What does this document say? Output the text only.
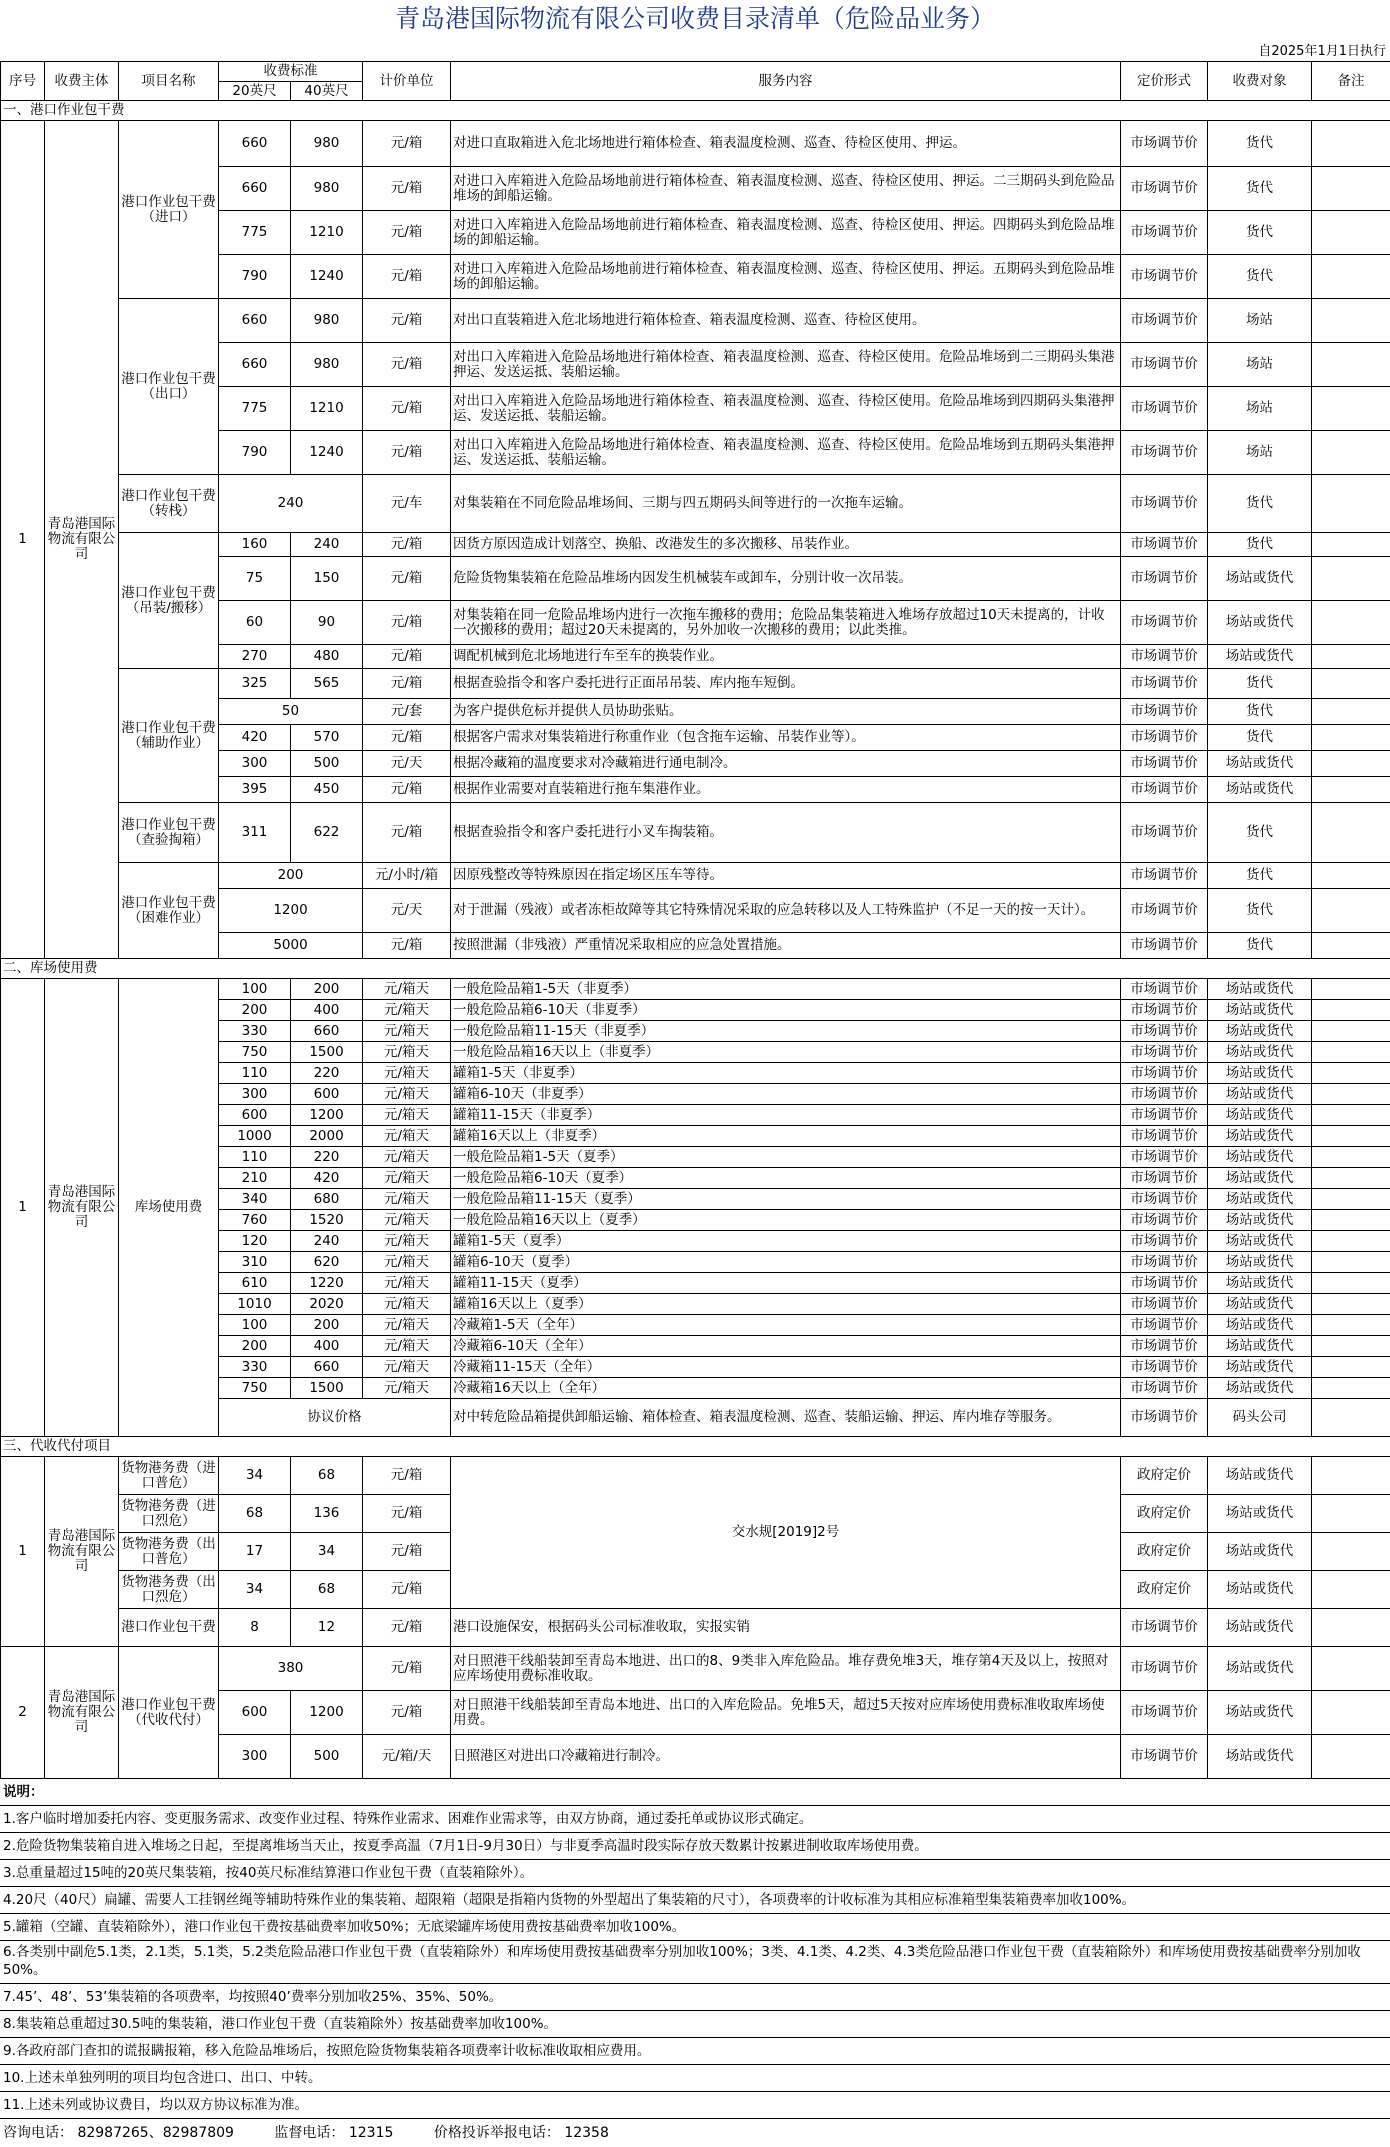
青岛港国际物流有限公司收费目录清单（危险品业务）
自2025年1月1日执行
序号	收费主体	项目名称	收费标准		计价单位	服务内容	定价形式	收费对象	备注
			20英尺	40英尺					
一、港口作业包干费									
1	青岛港国际物流有限公司	港口作业包干费（进口）	660	980	元/箱	对进口直取箱进入危北场地进行箱体检查、箱表温度检测、巡查、待检区使用、押运。	市场调节价	货代	
			660	980	元/箱	对进口入库箱进入危险品场地前进行箱体检查、箱表温度检测、巡查、待检区使用、押运。二三期码头到危险品堆场的卸船运输。	市场调节价	货代	
			775	1210	元/箱	对进口入库箱进入危险品场地前进行箱体检查、箱表温度检测、巡查、待检区使用、押运。四期码头到危险品堆场的卸船运输。	市场调节价	货代	
			790	1240	元/箱	对进口入库箱进入危险品场地前进行箱体检查、箱表温度检测、巡查、待检区使用、押运。五期码头到危险品堆场的卸船运输。	市场调节价	货代	
		港口作业包干费（出口）	660	980	元/箱	对出口直装箱进入危北场地进行箱体检查、箱表温度检测、巡查、待检区使用。	市场调节价	场站	
			660	980	元/箱	对出口入库箱进入危险品场地进行箱体检查、箱表温度检测、巡查、待检区使用。危险品堆场到二三期码头集港押运、发送运抵、装船运输。	市场调节价	场站	
			775	1210	元/箱	对出口入库箱进入危险品场地进行箱体检查、箱表温度检测、巡查、待检区使用。危险品堆场到四期码头集港押运、发送运抵、装船运输。	市场调节价	场站	
			790	1240	元/箱	对出口入库箱进入危险品场地进行箱体检查、箱表温度检测、巡查、待检区使用。危险品堆场到五期码头集港押运、发送运抵、装船运输。	市场调节价	场站	
		港口作业包干费（转栈）	240		元/车	对集装箱在不同危险品堆场间、三期与四五期码头间等进行的一次拖车运输。	市场调节价	货代	
		港口作业包干费（吊装/搬移）	160	240	元/箱	因货方原因造成计划落空、换船、改港发生的多次搬移、吊装作业。	市场调节价	货代	
			75	150	元/箱	危险货物集装箱在危险品堆场内因发生机械装车或卸车，分别计收一次吊装。	市场调节价	场站或货代	
			60	90	元/箱	对集装箱在同一危险品堆场内进行一次拖车搬移的费用；危险品集装箱进入堆场存放超过10天未提离的，计收一次搬移的费用；超过20天未提离的，另外加收一次搬移的费用；以此类推。	市场调节价	场站或货代	
			270	480	元/箱	调配机械到危北场地进行车至车的换装作业。	市场调节价	场站或货代	
		港口作业包干费（辅助作业）	325	565	元/箱	根据查验指令和客户委托进行正面吊吊装、库内拖车短倒。	市场调节价	货代	
			50		元/套	为客户提供危标并提供人员协助张贴。	市场调节价	货代	
			420	570	元/箱	根据客户需求对集装箱进行称重作业（包含拖车运输、吊装作业等）。	市场调节价	货代	
			300	500	元/天	根据冷藏箱的温度要求对冷藏箱进行通电制冷。	市场调节价	场站或货代	
			395	450	元/箱	根据作业需要对直装箱进行拖车集港作业。	市场调节价	场站或货代	
		港口作业包干费（查验掏箱）	311	622	元/箱	根据查验指令和客户委托进行小叉车掏装箱。	市场调节价	货代	
		港口作业包干费（困难作业）	200		元/小时/箱	因原残整改等特殊原因在指定场区压车等待。	市场调节价	货代	
			1200		元/天	对于泄漏（残液）或者冻柜故障等其它特殊情况采取的应急转移以及人工特殊监护（不足一天的按一天计）。	市场调节价	货代	
			5000		元/箱	按照泄漏（非残液）严重情况采取相应的应急处置措施。	市场调节价	货代	
二、库场使用费									
1	青岛港国际物流有限公司	库场使用费	100	200	元/箱天	一般危险品箱1-5天（非夏季）	市场调节价	场站或货代	
			200	400	元/箱天	一般危险品箱6-10天（非夏季）	市场调节价	场站或货代	
			330	660	元/箱天	一般危险品箱11-15天（非夏季）	市场调节价	场站或货代	
			750	1500	元/箱天	一般危险品箱16天以上（非夏季）	市场调节价	场站或货代	
			110	220	元/箱天	罐箱1-5天（非夏季）	市场调节价	场站或货代	
			300	600	元/箱天	罐箱6-10天（非夏季）	市场调节价	场站或货代	
			600	1200	元/箱天	罐箱11-15天（非夏季）	市场调节价	场站或货代	
			1000	2000	元/箱天	罐箱16天以上（非夏季）	市场调节价	场站或货代	
			110	220	元/箱天	一般危险品箱1-5天（夏季）	市场调节价	场站或货代	
			210	420	元/箱天	一般危险品箱6-10天（夏季）	市场调节价	场站或货代	
			340	680	元/箱天	一般危险品箱11-15天（夏季）	市场调节价	场站或货代	
			760	1520	元/箱天	一般危险品箱16天以上（夏季）	市场调节价	场站或货代	
			120	240	元/箱天	罐箱1-5天（夏季）	市场调节价	场站或货代	
			310	620	元/箱天	罐箱6-10天（夏季）	市场调节价	场站或货代	
			610	1220	元/箱天	罐箱11-15天（夏季）	市场调节价	场站或货代	
			1010	2020	元/箱天	罐箱16天以上（夏季）	市场调节价	场站或货代	
			100	200	元/箱天	冷藏箱1-5天（全年）	市场调节价	场站或货代	
			200	400	元/箱天	冷藏箱6-10天（全年）	市场调节价	场站或货代	
			330	660	元/箱天	冷藏箱11-15天（全年）	市场调节价	场站或货代	
			750	1500	元/箱天	冷藏箱16天以上（全年）	市场调节价	场站或货代	
			协议价格			对中转危险品箱提供卸船运输、箱体检查、箱表温度检测、巡查、装船运输、押运、库内堆存等服务。	市场调节价	码头公司	
三、代收代付项目									
1	青岛港国际物流有限公司	货物港务费（进口普危）	34	68	元/箱	交水规[2019]2号	政府定价	场站或货代	
		货物港务费（进口烈危）	68	136	元/箱		政府定价	场站或货代	
		货物港务费（出口普危）	17	34	元/箱		政府定价	场站或货代	
		货物港务费（出口烈危）	34	68	元/箱		政府定价	场站或货代	
		港口作业包干费	8	12	元/箱	港口设施保安，根据码头公司标准收取，实报实销	市场调节价	场站或货代	
2	青岛港国际物流有限公司	港口作业包干费（代收代付）	380		元/箱	对日照港干线船装卸至青岛本地进、出口的8、9类非入库危险品。堆存费免堆3天，堆存第4天及以上，按照对应库场使用费标准收取。	市场调节价	场站或货代	
			600	1200	元/箱	对日照港干线船装卸至青岛本地进、出口的入库危险品。免堆5天，超过5天按对应库场使用费标准收取库场使用费。	市场调节价	场站或货代	
			300	500	元/箱/天	日照港区对进出口冷藏箱进行制冷。	市场调节价	场站或货代	
说明：
1.客户临时增加委托内容、变更服务需求、改变作业过程、特殊作业需求、困难作业需求等，由双方协商，通过委托单或协议形式确定。
2.危险货物集装箱自进入堆场之日起，至提离堆场当天止，按夏季高温（7月1日-9月30日）与非夏季高温时段实际存放天数累计按累进制收取库场使用费。
3.总重量超过15吨的20英尺集装箱，按40英尺标准结算港口作业包干费（直装箱除外）。
4.20尺（40尺）扁罐、需要人工挂钢丝绳等辅助特殊作业的集装箱、超限箱（超限是指箱内货物的外型超出了集装箱的尺寸），各项费率的计收标准为其相应标准箱型集装箱费率加收100%。
5.罐箱（空罐、直装箱除外），港口作业包干费按基础费率加收50%；无底梁罐库场使用费按基础费率加收100%。
6.各类别中副危5.1类，2.1类，5.1类，5.2类危险品港口作业包干费（直装箱除外）和库场使用费按基础费率分别加收100%；3类、4.1类、4.2类、4.3类危险品港口作业包干费（直装箱除外）和库场使用费按基础费率分别加收50%。
7.45’、48’、53’集装箱的各项费率，均按照40’费率分别加收25%、35%、50%。
8.集装箱总重超过30.5吨的集装箱，港口作业包干费（直装箱除外）按基础费率加收100%。
9.各政府部门查扣的谎报瞒报箱，移入危险品堆场后，按照危险货物集装箱各项费率计收标准收取相应费用。
10.上述未单独列明的项目均包含进口、出口、中转。
11.上述未列或协议费目，均以双方协议标准为准。
咨询电话： 82987265、82987809	监督电话： 12315	价格投诉举报电话： 12358
